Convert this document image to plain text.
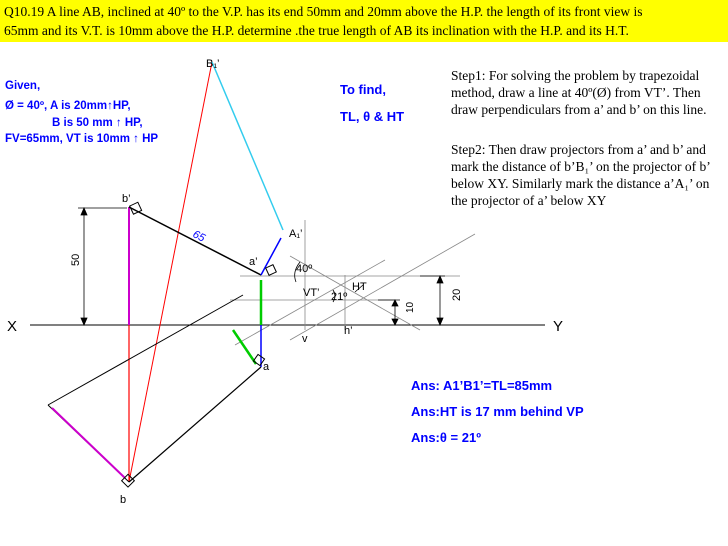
Q10.19 A line AB, inclined at 40º to the V.P. has its end 50mm and 20mm above the H.P. the length of its front view is
65mm and its V.T. is 10mm above the H.P. determine .the true length of AB its inclination with the H.P. and its H.T.
50
20
10
X	Y
B₁’
A₁’
b’
a’
a
b
VT’	HT
h’
v
40º
21º
65
Given,
Ø = 40º, A is 20mm↑HP,
B is 50 mm ↑ HP,
FV=65mm, VT is 10mm ↑ HP
To find,
TL, θ & HT
Step1: For solving the problem by trapezoidal method, draw a line at 40º(Ø) from VT’. Then draw perpendiculars from a’ and b’ on this line.
Step2: Then draw projectors from a’ and b’ and mark the distance of b’B₁’ on the projector of b’ below XY. Similarly mark the distance a’A₁’ on the projector of a’ below XY
Ans: A1’B1’=TL=85mm
Ans:HT is 17 mm behind VP
Ans:θ = 21º
